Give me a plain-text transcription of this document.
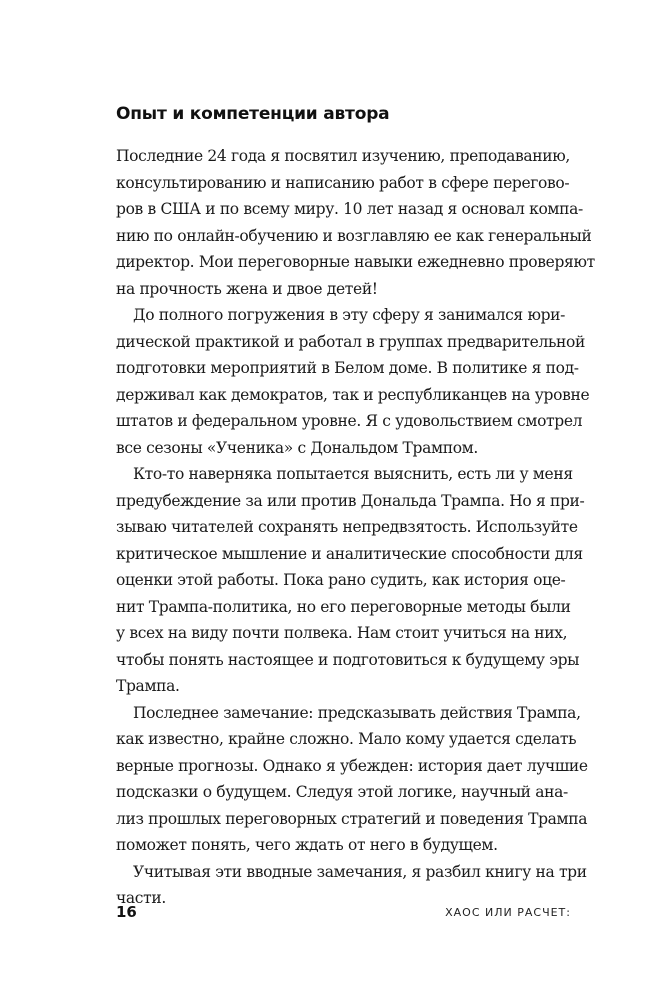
Опыт и компетенции автора

Последние 24 года я посвятил изучению, преподаванию,
консультированию и написанию работ в сфере перегово-
ров в США и по всему миру. 10 лет назад я основал компа-
нию по онлайн-обучению и возглавляю ее как генеральный
директор. Мои переговорные навыки ежедневно проверяют
на прочность жена и двое детей!

До полного погружения в эту сферу я занимался юри-
дической практикой и работал в группах предварительной
подготовки мероприятий в Белом доме. В политике я под-
держивал как демократов, так и республиканцев на уровне
штатов и федеральном уровне. Я с удовольствием смотрел
все сезоны «Ученика» с Дональдом Трампом.

Кто-то наверняка попытается выяснить, есть ли у меня
предубеждение за или против Дональда Трампа. Но я при-
зываю читателей сохранять непредвзятость. Используйте
критическое мышление и аналитические способности для
оценки этой работы. Пока рано судить, как история оце-
нит Трампа-политика, но его переговорные методы были
у всех на виду почти полвека. Нам стоит учиться на них,
чтобы понять настоящее и подготовиться к будущему эры
Трампа.

Последнее замечание: предсказывать действия Трампа,
как известно, крайне сложно. Мало кому удается сделать
верные прогнозы. Однако я убежден: история дает лучшие
подсказки о будущем. Следуя этой логике, научный ана-
лиз прошлых переговорных стратегий и поведения Трампа
поможет понять, чего ждать от него в будущем.

Учитывая эти вводные замечания, я разбил книгу на три
части.

16	ХАОС ИЛИ РАСЧЕТ:
